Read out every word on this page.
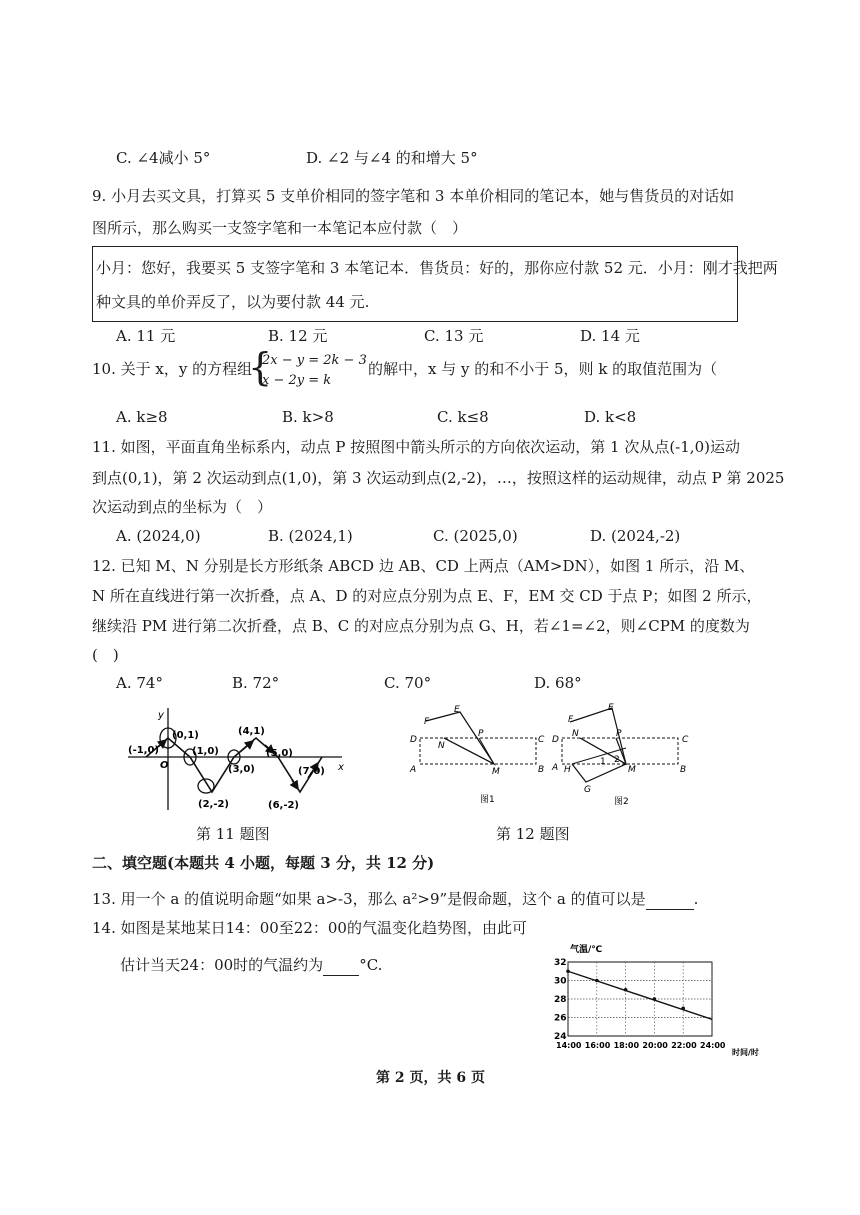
C. ∠4减小 5°	D. ∠2 与∠4 的和增大 5°
9. 小月去买文具，打算买 5 支单价相同的签字笔和 3 本单价相同的笔记本，她与售货员的对话如
图所示，那么购买一支签字笔和一本笔记本应付款（　）
小月：您好，我要买 5 支签字笔和 3 本笔记本．售货员：好的，那你应付款 52 元．小月：刚才我把两
种文具的单价弄反了，以为要付款 44 元.
A. 11 元	B. 12 元	C. 13 元	D. 14 元
10. 关于 x，y 的方程组
{
2x − y = 2k − 3
x − 2y = k
的解中，x 与 y 的和不小于 5，则 k 的取值范围为（
A. k≥8	B. k>8	C. k≤8	D. k<8
11. 如图，平面直角坐标系内，动点 P 按照图中箭头所示的方向依次运动，第 1 次从点(-1,0)运动
到点(0,1)，第 2 次运动到点(1,0)，第 3 次运动到点(2,-2)，…，按照这样的运动规律，动点 P 第 2025
次运动到点的坐标为（　）
A. (2024,0)	B. (2024,1)	C. (2025,0)	D. (2024,-2)
12. 已知 M、N 分别是长方形纸条 ABCD 边 AB、CD 上两点（AM>DN），如图 1 所示，沿 M、
N 所在直线进行第一次折叠，点 A、D 的对应点分别为点 E、F，EM 交 CD 于点 P；如图 2 所示，
继续沿 PM 进行第二次折叠，点 B、C 的对应点分别为点 G、H，若∠1=∠2，则∠CPM 的度数为
(　)
A. 74°	B. 72°	C. 70°	D. 68°
(-1,0)
(0,1)
(1,0)
(2,-2)
(3,0)
(4,1)
(5,0)
(6,-2)
(7,0)
O	x
y
第 11 题图
F
E
D
N
P
C
A	M	B
图1
F
E
D
N	P
C
A H
1 2
M	B
G
图2
第 12 题图
二、填空题(本题共 4 小题，每题 3 分，共 12 分)
13. 用一个 a 的值说明命题“如果 a>-3，那么 a²>9”是假命题，这个 a 的值可以是	.
14. 如图是某地某日14：00至22：00的气温变化趋势图，由此可
估计当天24：00时的气温约为 °C.
气温/℃
时间/时
24
26
28
30
32
14:00 16:00 18:00 20:00 22:00 24:00
第 2 页，共 6 页
